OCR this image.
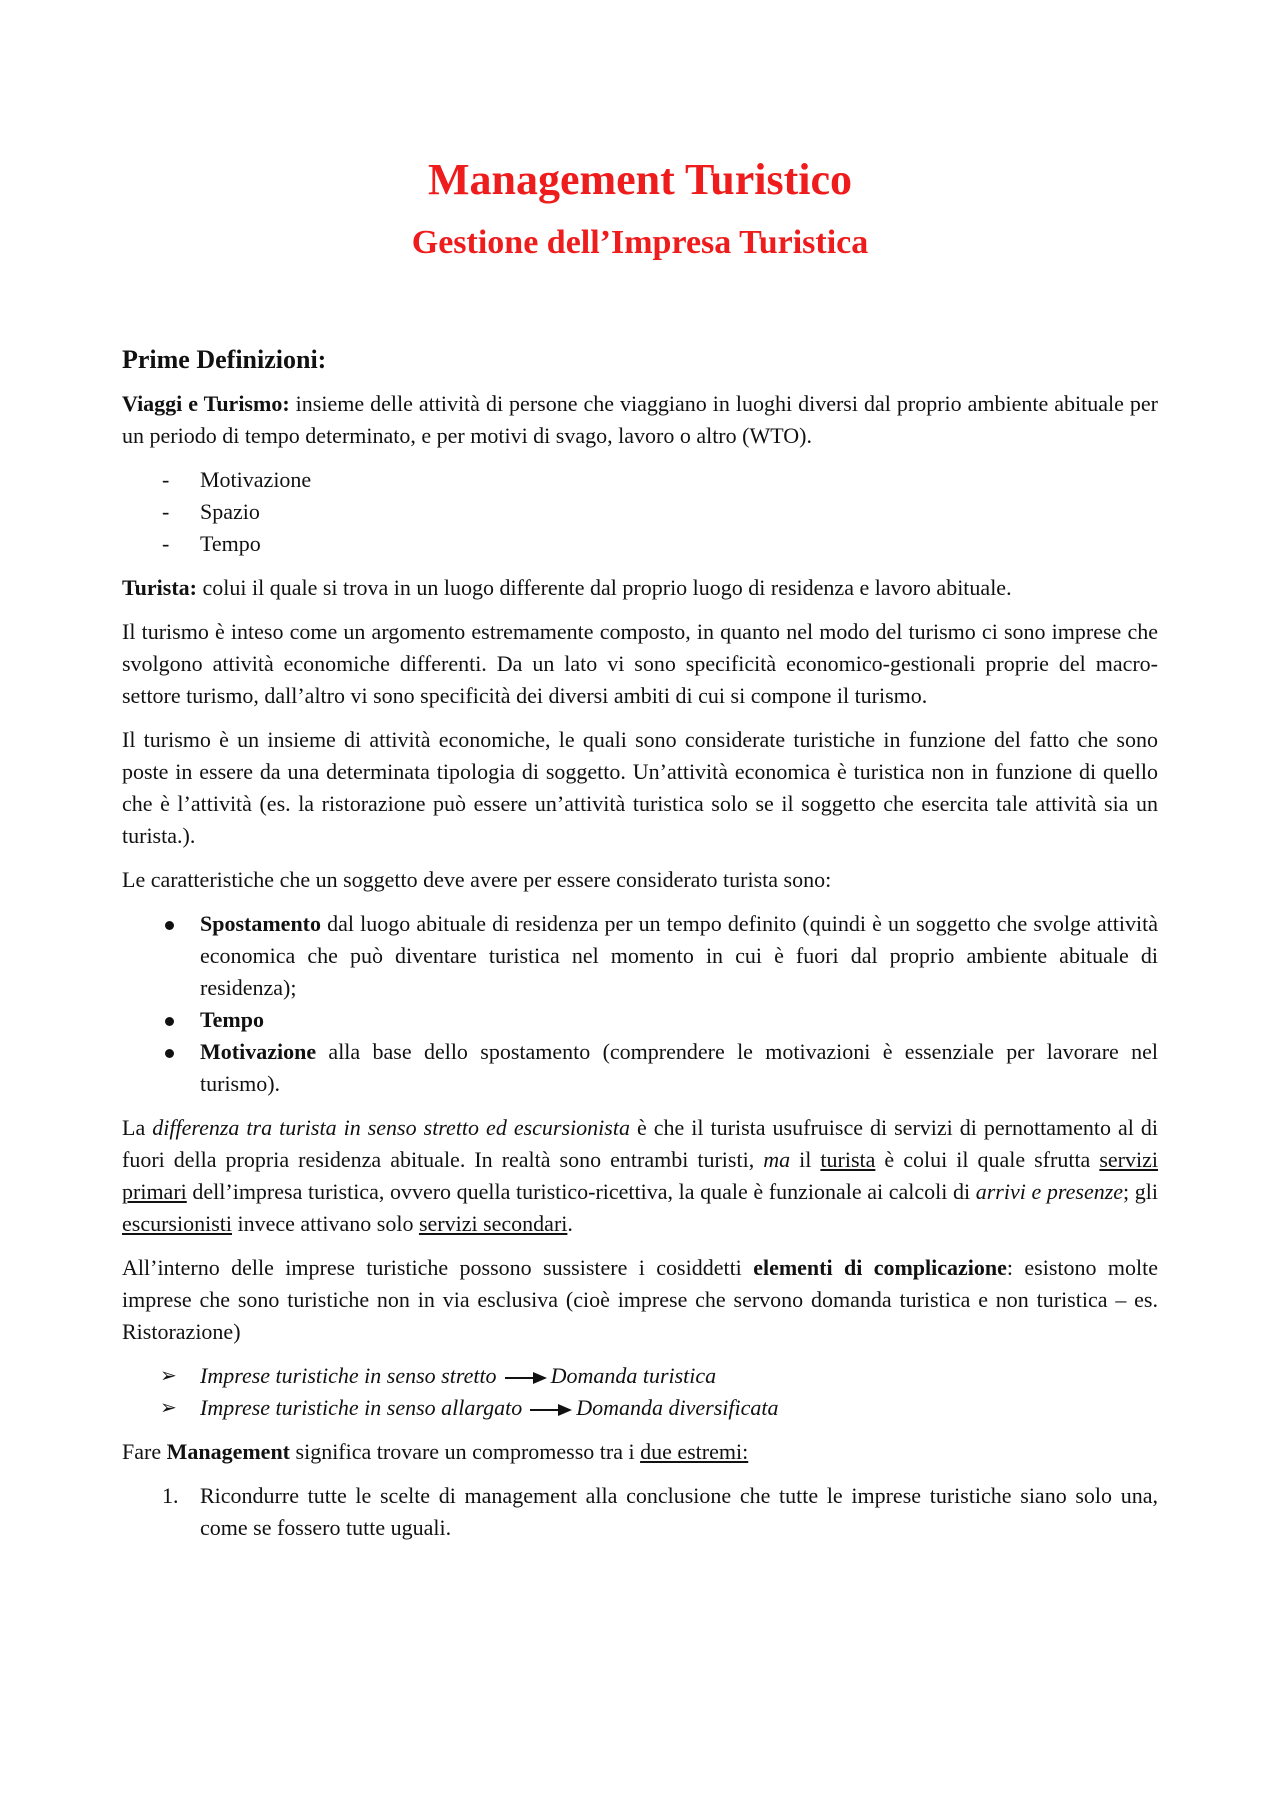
Management Turistico
Gestione dell’Impresa Turistica
Prime Definizioni:

Viaggi e Turismo: insieme delle attività di persone che viaggiano in luoghi diversi dal proprio ambiente abituale per un periodo di tempo determinato, e per motivi di svago, lavoro o altro (WTO).

- Motivazione
- Spazio
- Tempo

Turista: colui il quale si trova in un luogo differente dal proprio luogo di residenza e lavoro abituale.

Il turismo è inteso come un argomento estremamente composto, in quanto nel modo del turismo ci sono imprese che svolgono attività economiche differenti. Da un lato vi sono specificità economico-gestionali proprie del macro-settore turismo, dall’altro vi sono specificità dei diversi ambiti di cui si compone il turismo.

Il turismo è un insieme di attività economiche, le quali sono considerate turistiche in funzione del fatto che sono poste in essere da una determinata tipologia di soggetto. Un’attività economica è turistica non in funzione di quello che è l’attività (es. la ristorazione può essere un’attività turistica solo se il soggetto che esercita tale attività sia un turista.).

Le caratteristiche che un soggetto deve avere per essere considerato turista sono:

Spostamento dal luogo abituale di residenza per un tempo definito (quindi è un soggetto che svolge attività economica che può diventare turistica nel momento in cui è fuori dal proprio ambiente abituale di residenza);
Tempo
Motivazione alla base dello spostamento (comprendere le motivazioni è essenziale per lavorare nel turismo).

La differenza tra turista in senso stretto ed escursionista è che il turista usufruisce di servizi di pernottamento al di fuori della propria residenza abituale. In realtà sono entrambi turisti, ma il turista è colui il quale sfrutta servizi primari dell’impresa turistica, ovvero quella turistico-ricettiva, la quale è funzionale ai calcoli di arrivi e presenze; gli escursionisti invece attivano solo servizi secondari.

All’interno delle imprese turistiche possono sussistere i cosiddetti elementi di complicazione: esistono molte imprese che sono turistiche non in via esclusiva (cioè imprese che servono domanda turistica e non turistica – es. Ristorazione)

➢ Imprese turistiche in senso stretto Domanda turistica
➢ Imprese turistiche in senso allargato Domanda diversificata

Fare Management significa trovare un compromesso tra i due estremi:

1. Ricondurre tutte le scelte di management alla conclusione che tutte le imprese turistiche siano solo una, come se fossero tutte uguali.
